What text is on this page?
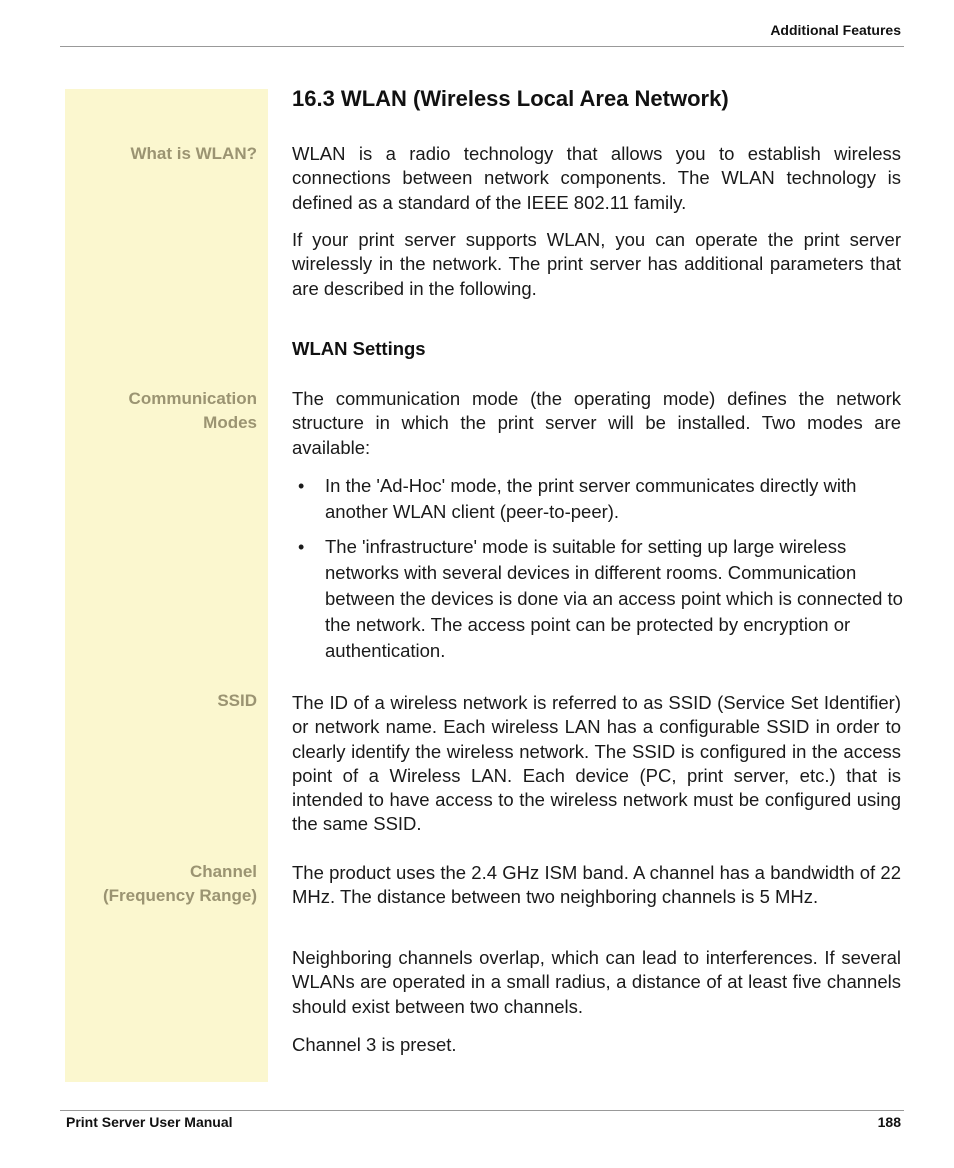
Additional Features
What is WLAN?
Communication
Modes
SSID
Channel
(Frequency Range)
16.3 WLAN (Wireless Local Area Network)
WLAN is a radio technology that allows you to establish wireless connections between network components. The WLAN technology is defined as a standard of the IEEE 802.11 family.
If your print server supports WLAN, you can operate the print server wirelessly in the network. The print server has additional parameters that are described in the following.
WLAN Settings
The communication mode (the operating mode) defines the network structure in which the print server will be installed. Two modes are available:
• In the 'Ad-Hoc' mode, the print server communicates directly with another WLAN client (peer-to-peer).
• The 'infrastructure' mode is suitable for setting up large wireless networks with several devices in different rooms. Communication between the devices is done via an access point which is connected to the network. The access point can be protected by encryption or authentication.
The ID of a wireless network is referred to as SSID (Service Set Identifier) or network name. Each wireless LAN has a configurable SSID in order to clearly identify the wireless network. The SSID is configured in the access point of a Wireless LAN. Each device (PC, print server, etc.) that is intended to have access to the wireless network must be configured using the same SSID.
The product uses the 2.4 GHz ISM band. A channel has a bandwidth of 22 MHz. The distance between two neighboring channels is 5 MHz.
Neighboring channels overlap, which can lead to interferences. If several WLANs are operated in a small radius, a distance of at least five channels should exist between two channels.
Channel 3 is preset.
Print Server User Manual	188
